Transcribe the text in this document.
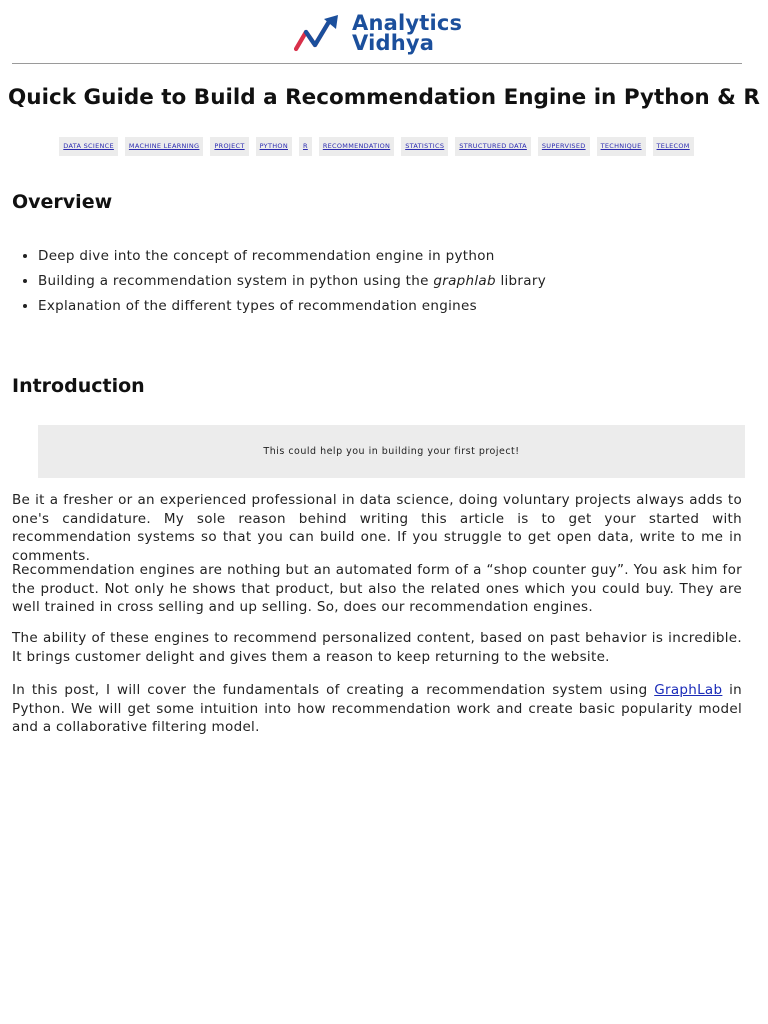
Analytics
Vidhya
Quick Guide to Build a Recommendation Engine in Python & R
DATA SCIENCE	MACHINE LEARNING	PROJECT	PYTHON	R	RECOMMENDATION	STATISTICS	STRUCTURED DATA	SUPERVISED	TECHNIQUE	TELECOM
Overview
• Deep dive into the concept of recommendation engine in python
• Building a recommendation system in python using the graphlab library
• Explanation of the different types of recommendation engines
Introduction
This could help you in building your first project!

Be it a fresher or an experienced professional in data science, doing voluntary projects always adds to one's candidature. My sole reason behind writing this article is to get your started with recommendation systems so that you can build one. If you struggle to get open data, write to me in comments.

Recommendation engines are nothing but an automated form of a “shop counter guy”. You ask him for the product. Not only he shows that product, but also the related ones which you could buy. They are well trained in cross selling and up selling. So, does our recommendation engines.

The ability of these engines to recommend personalized content, based on past behavior is incredible. It brings customer delight and gives them a reason to keep returning to the website.

In this post, I will cover the fundamentals of creating a recommendation system using GraphLab in Python. We will get some intuition into how recommendation work and create basic popularity model and a collaborative filtering model.
